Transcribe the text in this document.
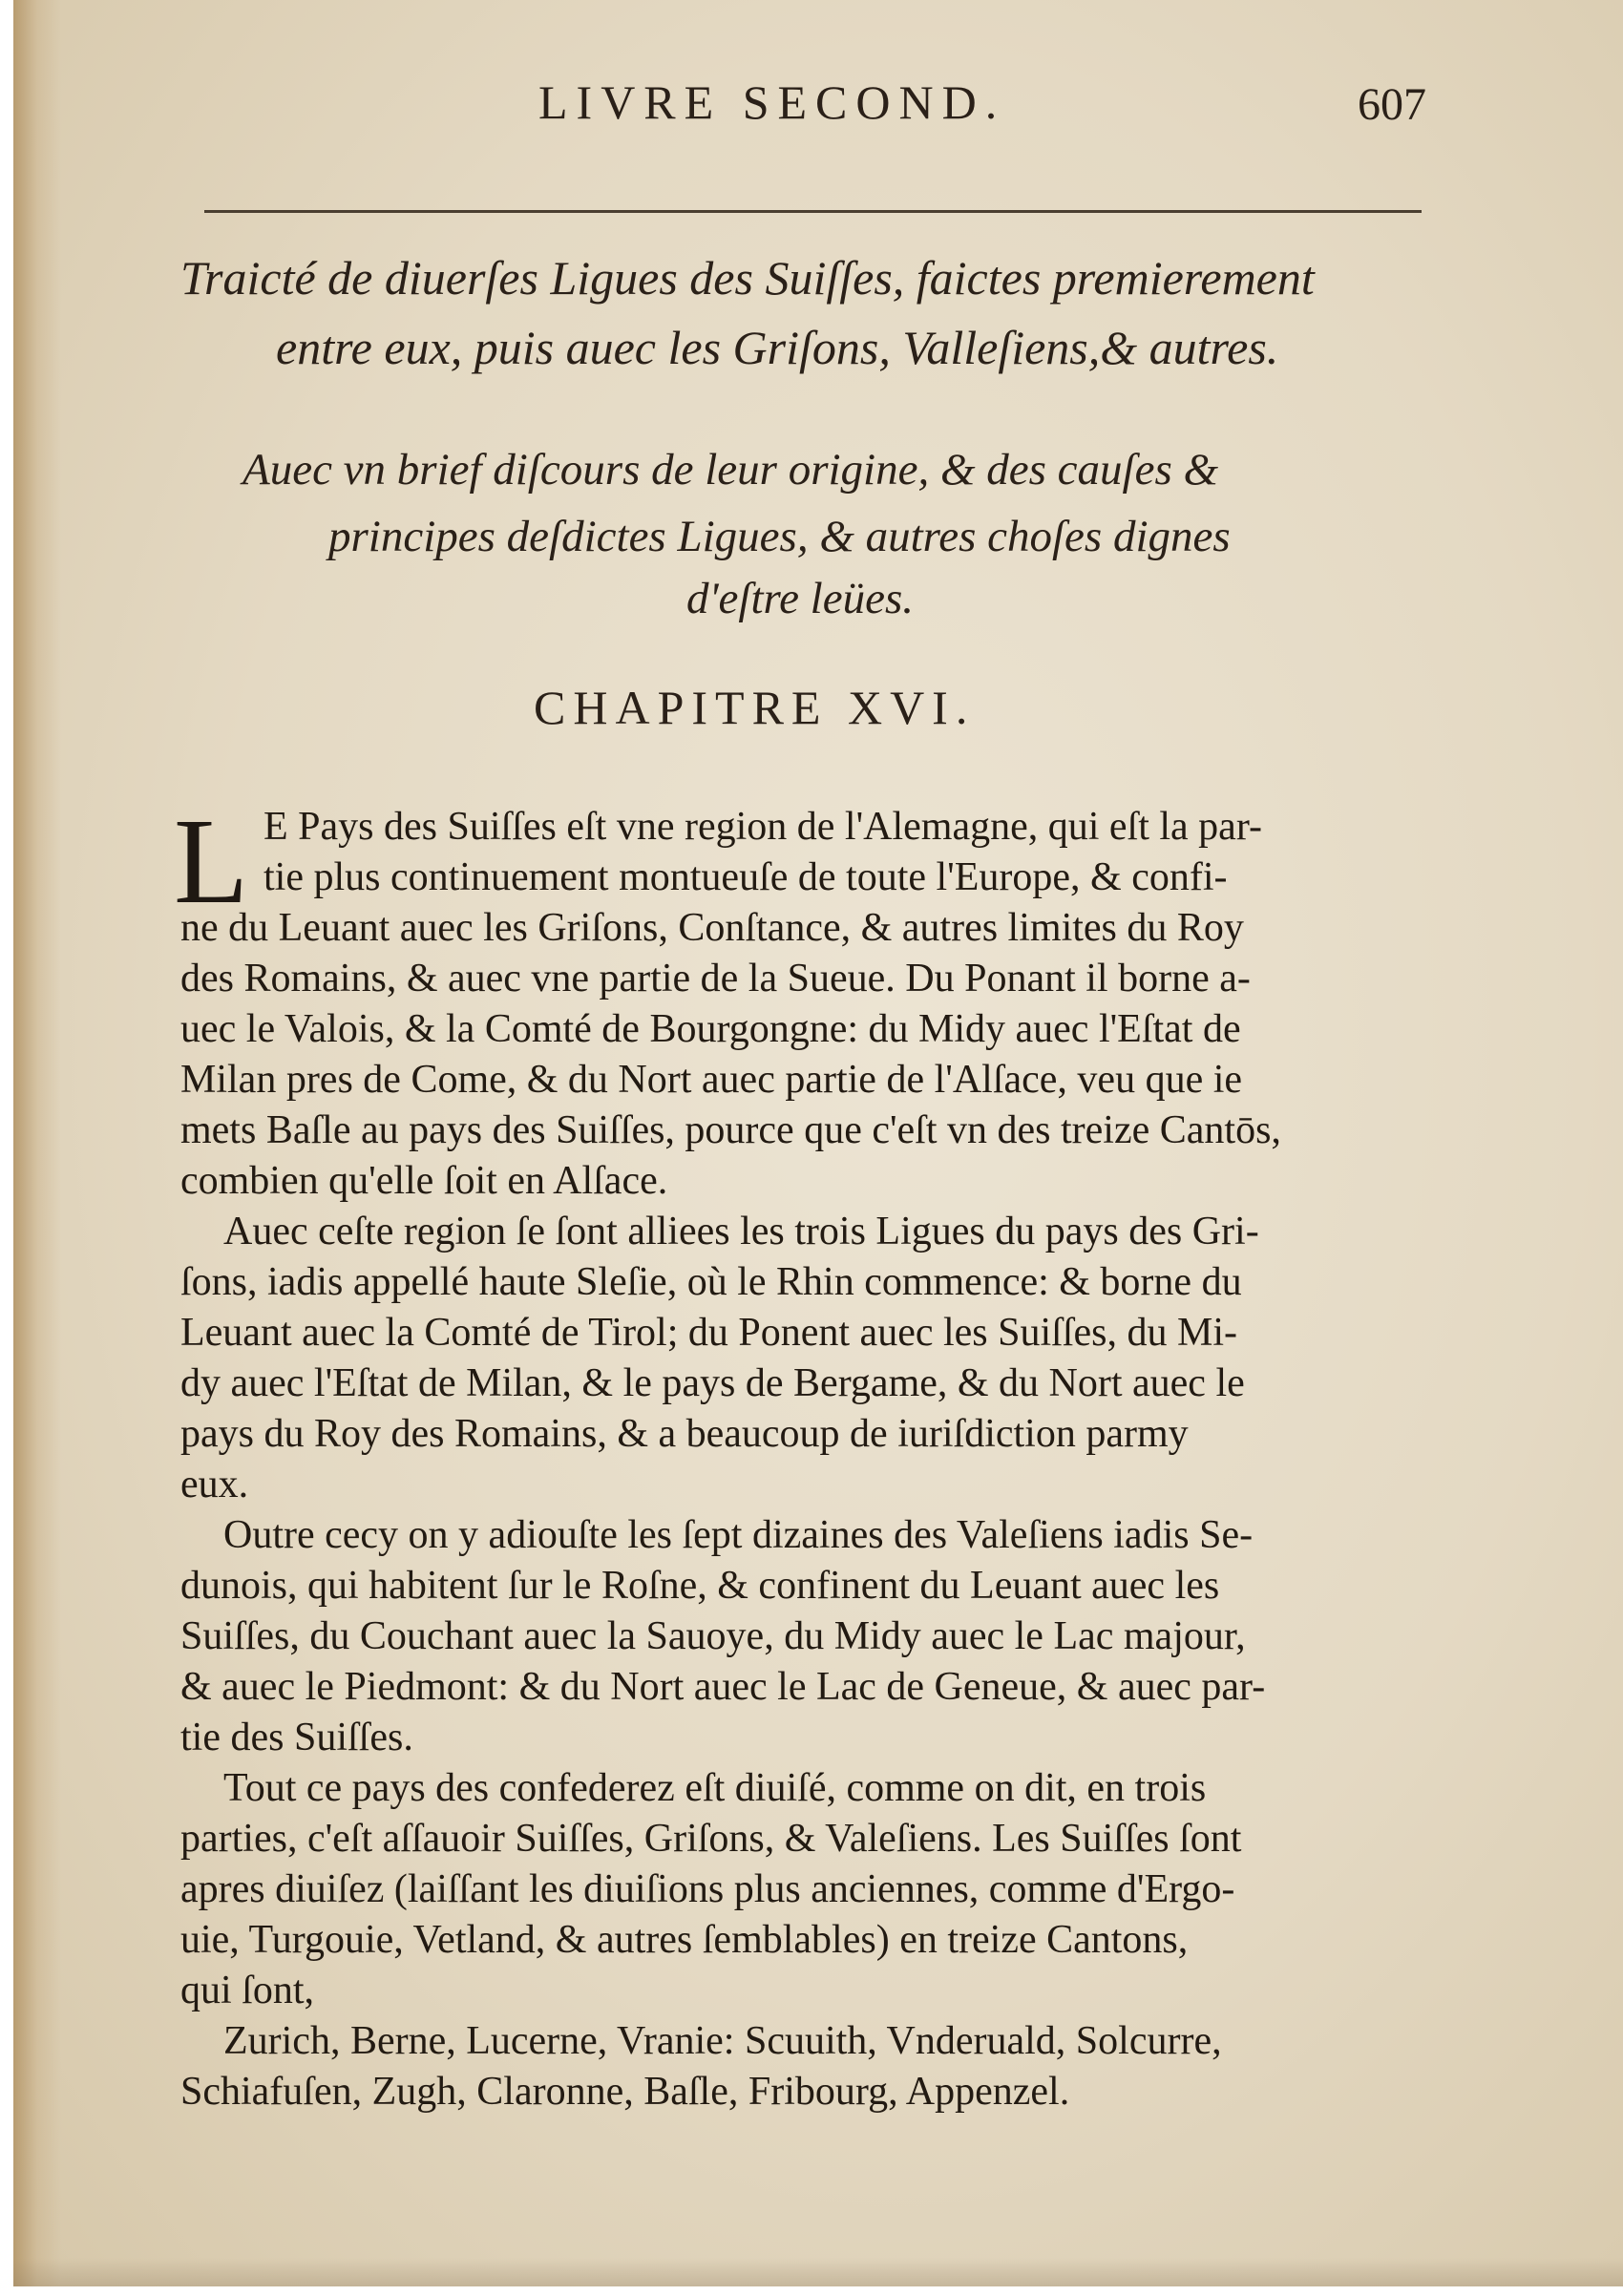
LIVRE SECOND.	607
Traicté de diuerſes Ligues des Suiſſes, faictes premierement
entre eux, puis auec les Griſons, Valleſiens,& autres.
Auec vn brief diſcours de leur origine, & des cauſes &
principes deſdictes Ligues, & autres choſes dignes
d'eſtre leües.
CHAPITRE XVI.
L E Pays des Suiſſes eſt vne region de l'Alemagne, qui eſt la par-
tie plus continuement montueuſe de toute l'Europe, & confi-
ne du Leuant auec les Griſons, Conſtance, & autres limites du Roy
des Romains, & auec vne partie de la Sueue. Du Ponant il borne a-
uec le Valois, & la Comté de Bourgongne: du Midy auec l'Eſtat de
Milan pres de Come, & du Nort auec partie de l'Alſace, veu que ie
mets Baſle au pays des Suiſſes, pource que c'eſt vn des treize Cantōs,
combien qu'elle ſoit en Alſace.
Auec ceſte region ſe ſont alliees les trois Ligues du pays des Gri-
ſons, iadis appellé haute Sleſie, où le Rhin commence: & borne du
Leuant auec la Comté de Tirol; du Ponent auec les Suiſſes, du Mi-
dy auec l'Eſtat de Milan, & le pays de Bergame, & du Nort auec le
pays du Roy des Romains, & a beaucoup de iuriſdiction parmy
eux.
Outre cecy on y adiouſte les ſept dizaines des Valeſiens iadis Se-
dunois, qui habitent ſur le Roſne, & confinent du Leuant auec les
Suiſſes, du Couchant auec la Sauoye, du Midy auec le Lac majour,
& auec le Piedmont: & du Nort auec le Lac de Geneue, & auec par-
tie des Suiſſes.
Tout ce pays des confederez eſt diuiſé, comme on dit, en trois
parties, c'eſt aſſauoir Suiſſes, Griſons, & Valeſiens. Les Suiſſes ſont
apres diuiſez (laiſſant les diuiſions plus anciennes, comme d'Ergo-
uie, Turgouie, Vetland, & autres ſemblables) en treize Cantons,
qui ſont,
Zurich, Berne, Lucerne, Vranie: Scuuith, Vnderuald, Solcurre,
Schiafuſen, Zugh, Claronne, Baſle, Fribourg, Appenzel.
